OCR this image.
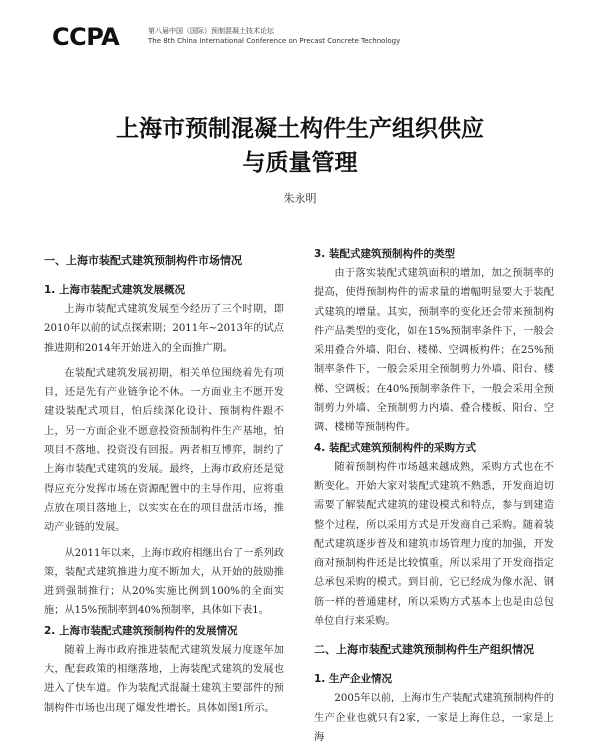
CCPA	第八届中国（国际）预制混凝土技术论坛
The 8th China International Conference on Precast Concrete Technology
上海市预制混凝土构件生产组织供应
与质量管理
朱永明
一、上海市装配式建筑预制构件市场情况
1. 上海市装配式建筑发展概况

上海市装配式建筑发展至今经历了三个时期，即2010年以前的试点探索期；2011年~2013年的试点推进期和2014年开始进入的全面推广期。

在装配式建筑发展初期，相关单位围绕着先有项目，还是先有产业链争论不休。一方面业主不愿开发建设装配式项目，怕后续深化设计、预制构件跟不上，另一方面企业不愿意投资预制构件生产基地，怕项目不落地、投资没有回报。两者相互博弈，制约了上海市装配式建筑的发展。最终，上海市政府还是觉得应充分发挥市场在资源配置中的主导作用，应将重点放在项目落地上，以实实在在的项目盘活市场，推动产业链的发展。

从2011年以来，上海市政府相继出台了一系列政策，装配式建筑推进力度不断加大，从开始的鼓励推进到强制推行；从20%实施比例到100%的全面实施；从15%预制率到40%预制率，具体如下表1。

2. 上海市装配式建筑预制构件的发展情况

随着上海市政府推进装配式建筑发展力度逐年加大，配套政策的相继落地，上海装配式建筑的发展也进入了快车道。作为装配式混凝土建筑主要部件的预制构件市场也出现了爆发性增长。具体如图1所示。

3. 装配式建筑预制构件的类型

由于落实装配式建筑面积的增加，加之预制率的提高，使得预制构件的需求量的增幅明显要大于装配式建筑的增量。其实，预制率的变化还会带来预制构件产品类型的变化，如在15%预制率条件下，一般会采用叠合外墙、阳台、楼梯、空调板构件；在25%预制率条件下，一般会采用全预制剪力外墙、阳台、楼梯、空调板；在40%预制率条件下，一般会采用全预制剪力外墙、全预制剪力内墙、叠合楼板、阳台、空调、楼梯等预制构件。

4. 装配式建筑预制构件的采购方式

随着预制构件市场越来越成熟，采购方式也在不断变化。开始大家对装配式建筑不熟悉，开发商迫切需要了解装配式建筑的建设模式和特点，参与到建造整个过程，所以采用方式是开发商自己采购。随着装配式建筑逐步普及和建筑市场管理力度的加强，开发商对预制构件还是比较慎重，所以采用了开发商指定总承包采购的模式。到目前，它已经成为像水泥、钢筋一样的普通建材，所以采购方式基本上也是由总包单位自行来采购。

二、上海市装配式建筑预制构件生产组织情况
1. 生产企业情况

2005年以前，上海市生产装配式建筑预制构件的生产企业也就只有2家，一家是上海住总，一家是上海
